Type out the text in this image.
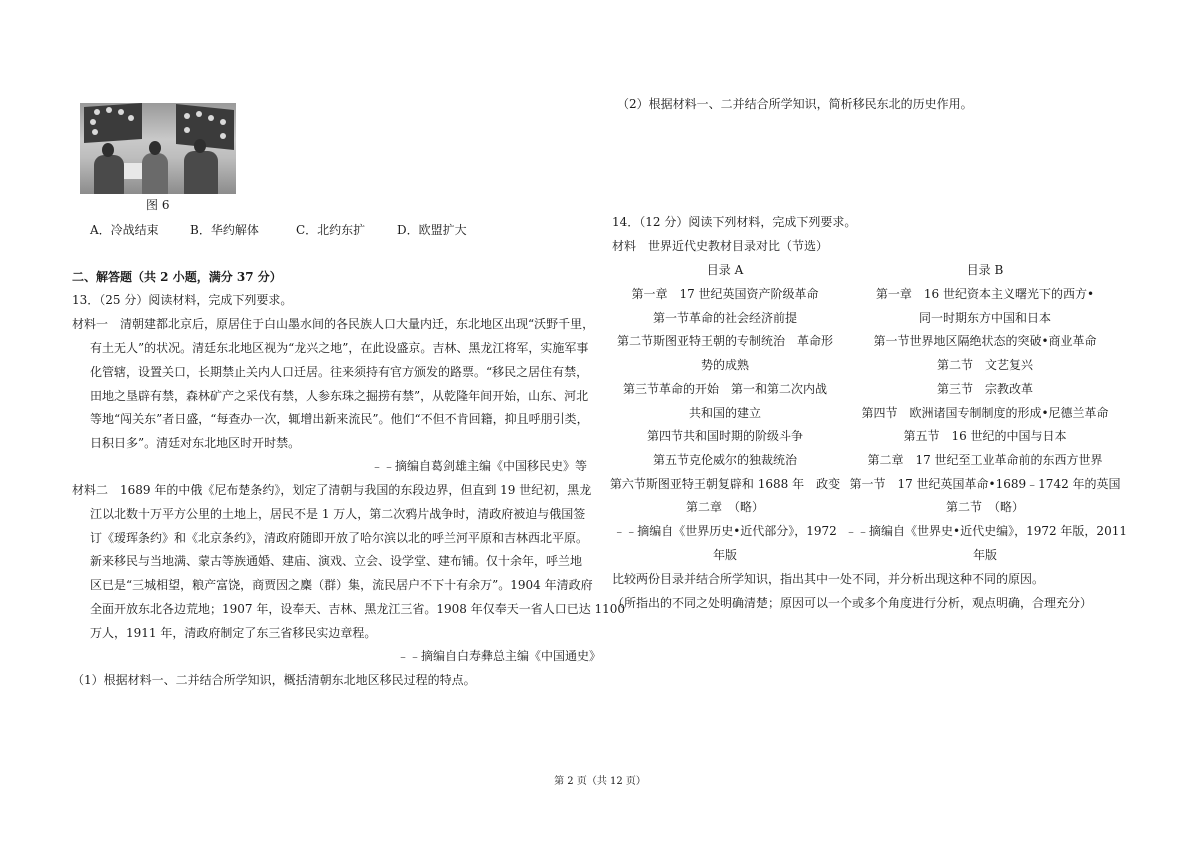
图 6
A．冷战结束	B．华约解体	C．北约东扩	D．欧盟扩大
二、解答题（共 2 小题，满分 37 分）
13．（25 分）阅读材料，完成下列要求。
材料一　清朝建都北京后，原居住于白山墨水间的各民族人口大量内迁，东北地区出现“沃野千里，
有土无人”的状况。清廷东北地区视为“龙兴之地”，在此设盛京。吉林、黑龙江将军，实施军事
化管辖，设置关口，长期禁止关内人口迁居。往来须持有官方颁发的路票。“移民之居住有禁，
田地之垦辟有禁，森林矿产之采伐有禁，人参东珠之掘捞有禁”，从乾隆年间开始，山东、河北
等地“闯关东”者日盛，“每查办一次，辄增出新来流民”。他们“不但不肯回籍，抑且呼朋引类，
日积日多”。清廷对东北地区时开时禁。
﹣﹣摘编自葛剑雄主编《中国移民史》等
材料二　1689 年的中俄《尼布楚条约》，划定了清朝与我国的东段边界，但直到 19 世纪初，黑龙
江以北数十万平方公里的土地上，居民不是 1 万人，第二次鸦片战争时，清政府被迫与俄国签
订《瑷珲条约》和《北京条约》，清政府随即开放了哈尔滨以北的呼兰河平原和吉林西北平原。
新来移民与当地满、蒙古等族通婚、建庙、演戏、立会、设学堂、建布铺。仅十余年，呼兰地
区已是“三城相望，粮产富饶，商贾因之麇（群）集，流民居户不下十有余万”。1904 年清政府
全面开放东北各边荒地；1907 年，设奉天、吉林、黑龙江三省。1908 年仅奉天一省人口已达 1100
万人，1911 年，清政府制定了东三省移民实边章程。
﹣﹣摘编自白寿彝总主编《中国通史》
（1）根据材料一、二并结合所学知识，概括清朝东北地区移民过程的特点。
（2）根据材料一、二并结合所学知识，简析移民东北的历史作用。
14．（12 分）阅读下列材料，完成下列要求。
材料　世界近代史教材目录对比（节选）
目录 A
第一章　17 世纪英国资产阶级革命
第一节革命的社会经济前提
第二节斯图亚特王朝的专制统治　革命形
势的成熟
第三节革命的开始　第一和第二次内战
共和国的建立
第四节共和国时期的阶级斗争
第五节克伦威尔的独裁统治
第六节斯图亚特王朝复辟和 1688 年　政变
第二章　（略）
﹣﹣摘编自《世界历史•近代部分》，1972
年版
目录 B
第一章　16 世纪资本主义曙光下的西方•
同一时期东方中国和日本
第一节世界地区隔绝状态的突破•商业革命
第二节　文艺复兴
第三节　宗教改革
第四节　欧洲诸国专制制度的形成•尼德兰革命
第五节　16 世纪的中国与日本
第二章　17 世纪至工业革命前的东西方世界
第一节　17 世纪英国革命•1689﹣1742 年的英国
第二节　（略）
﹣﹣摘编自《世界史•近代史编》，1972 年版，2011
年版
比较两份目录并结合所学知识，指出其中一处不同，并分析出现这种不同的原因。
（所指出的不同之处明确清楚；原因可以一个或多个角度进行分析，观点明确，合理充分）
第 2 页（共 12 页）
